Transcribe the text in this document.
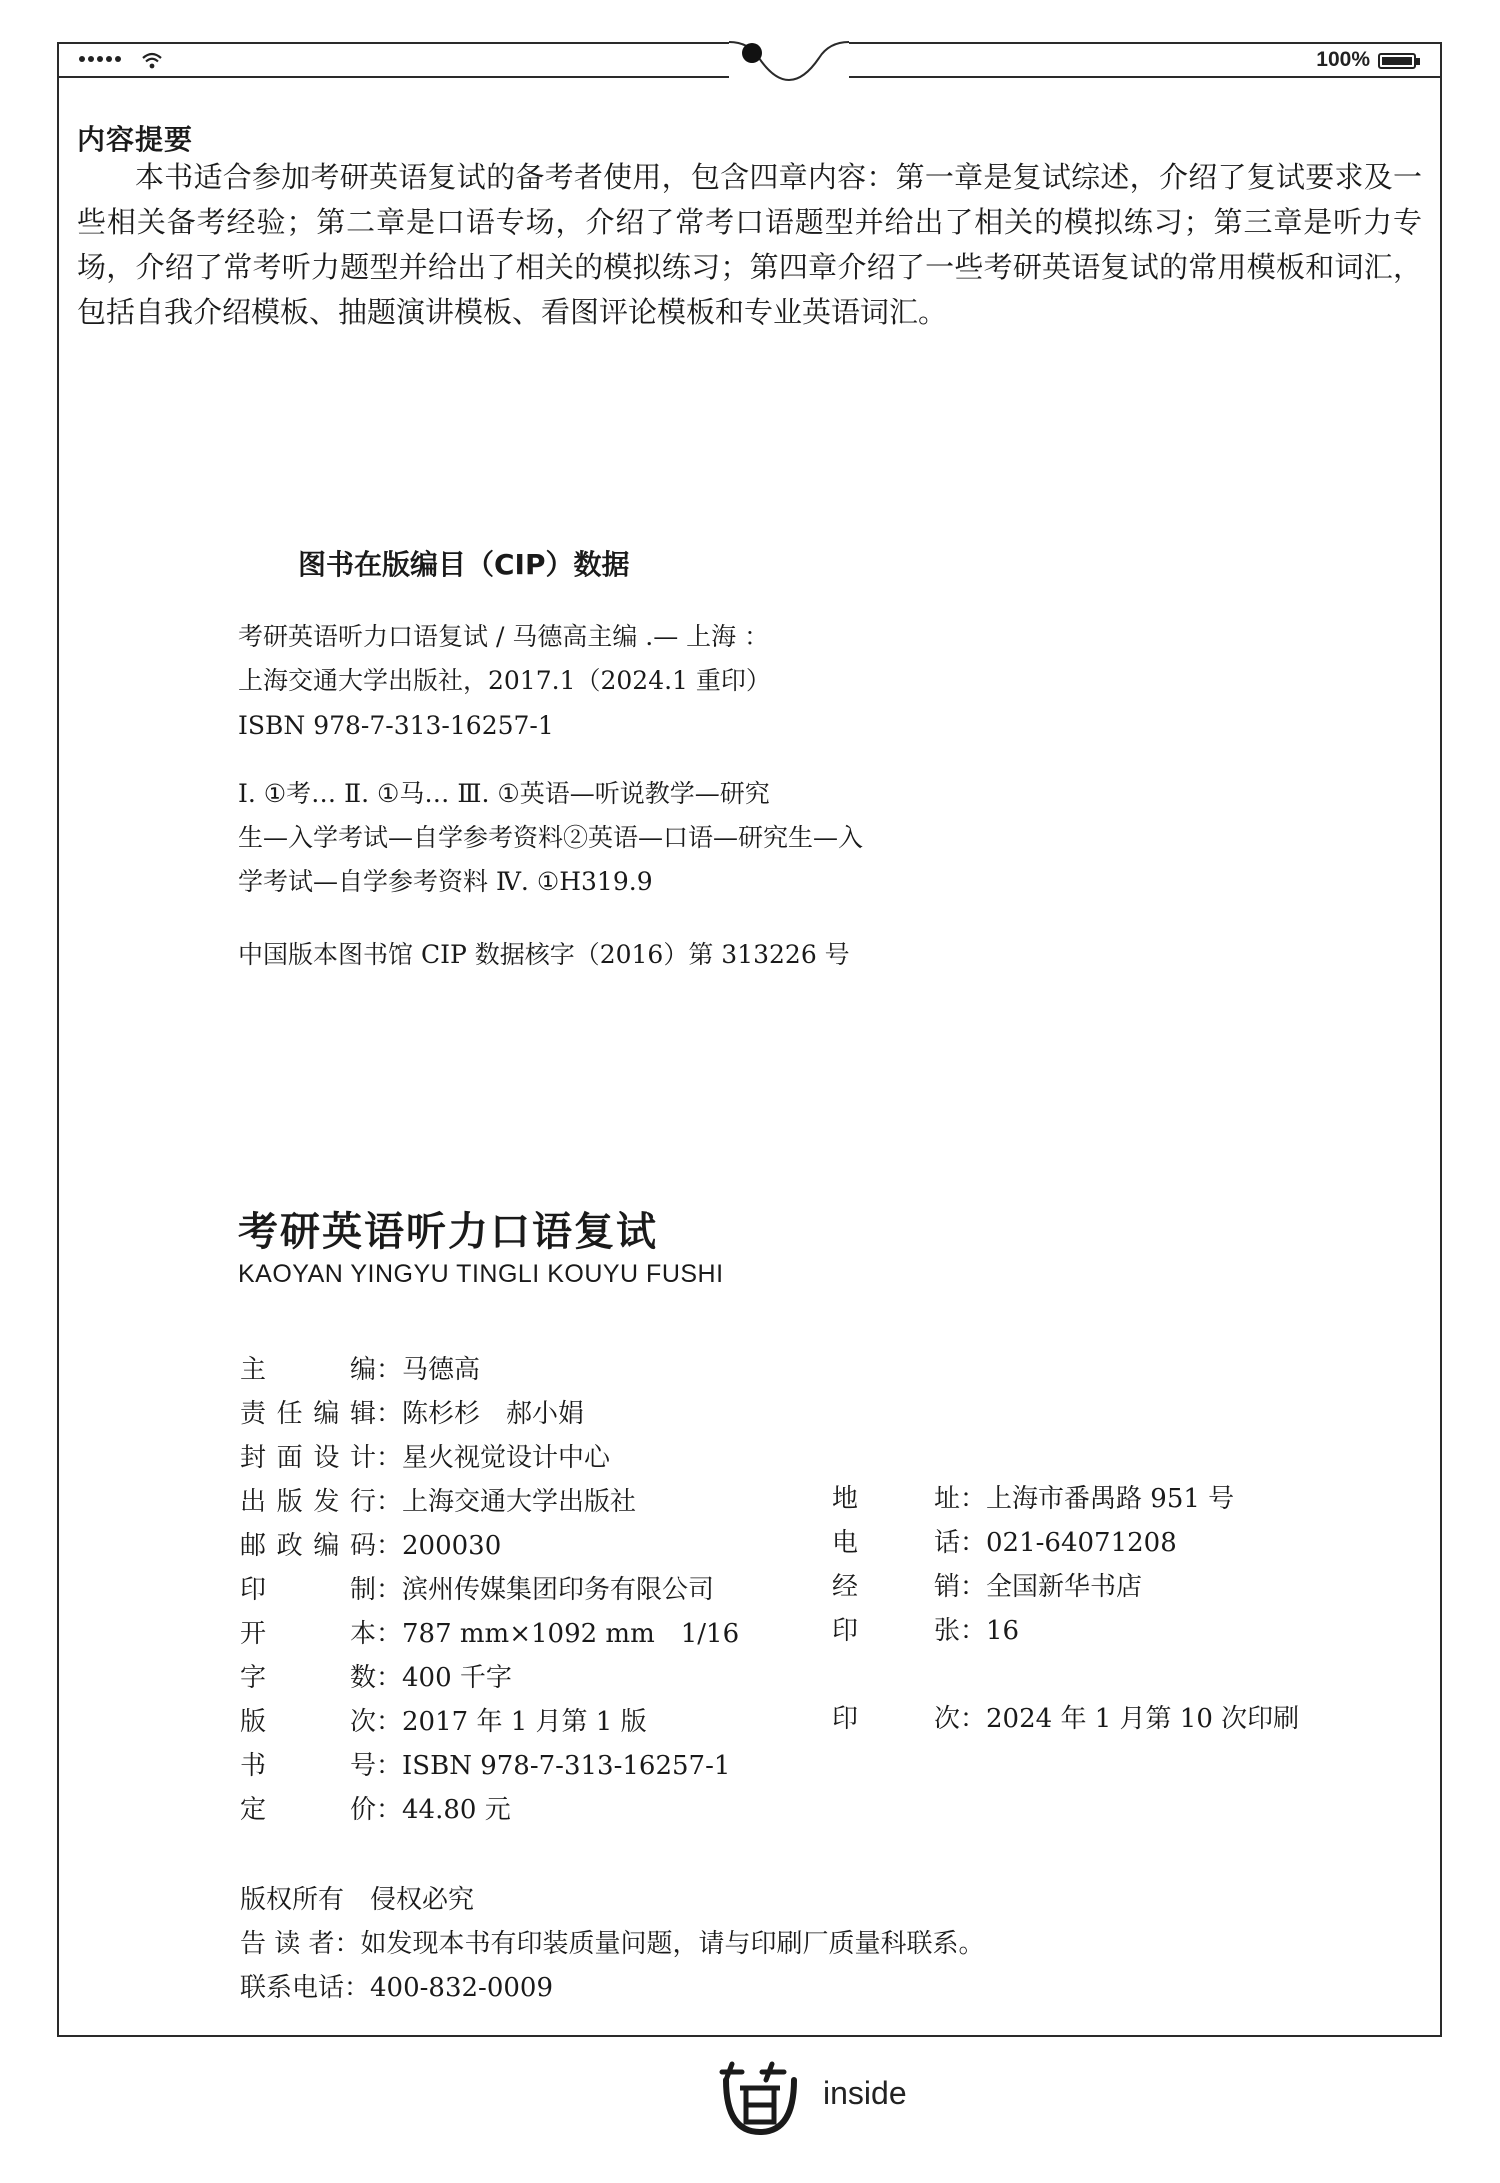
100%
内容提要

本书适合参加考研英语复试的备考者使用，包含四章内容：第一章是复试综述，介绍了复试要求及一些相关备考经验；第二章是口语专场，介绍了常考口语题型并给出了相关的模拟练习；第三章是听力专场，介绍了常考听力题型并给出了相关的模拟练习；第四章介绍了一些考研英语复试的常用模板和词汇，包括自我介绍模板、抽题演讲模板、看图评论模板和专业英语词汇。

图书在版编目（CIP）数据
考研英语听力口语复试 / 马德高主编 .— 上海 ：
上海交通大学出版社，2017.1（2024.1 重印）
ISBN 978-7-313-16257-1
Ⅰ. ①考… Ⅱ. ①马… Ⅲ. ①英语—听说教学—研究
生—入学考试—自学参考资料②英语—口语—研究生—入
学考试—自学参考资料 Ⅳ. ①H319.9
中国版本图书馆 CIP 数据核字（2016）第 313226 号
考研英语听力口语复试
KAOYAN YINGYU TINGLI KOUYU FUSHI
主	编 ：马德高
责 任 编 辑 ：陈杉杉　郝小娟
封 面 设 计 ：星火视觉设计中心
出 版 发 行 ：上海交通大学出版社
邮 政 编 码 ：200030
印	制 ：滨州传媒集团印务有限公司
开	本 ：787 mm×1092 mm　1/16
字	数 ：400 千字
版	次 ：2017 年 1 月第 1 版
书	号 ：ISBN 978-7-313-16257-1
定	价 ：44.80 元
地	址 ：上海市番禺路 951 号
电	话 ：021-64071208
经	销 ：全国新华书店
印	张 ：16
印	次 ：2024 年 1 月第 10 次印刷
版权所有　侵权必究
告 读 者：如发现本书有印装质量问题，请与印刷厂质量科联系。
联系电话：400-832-0009
inside
